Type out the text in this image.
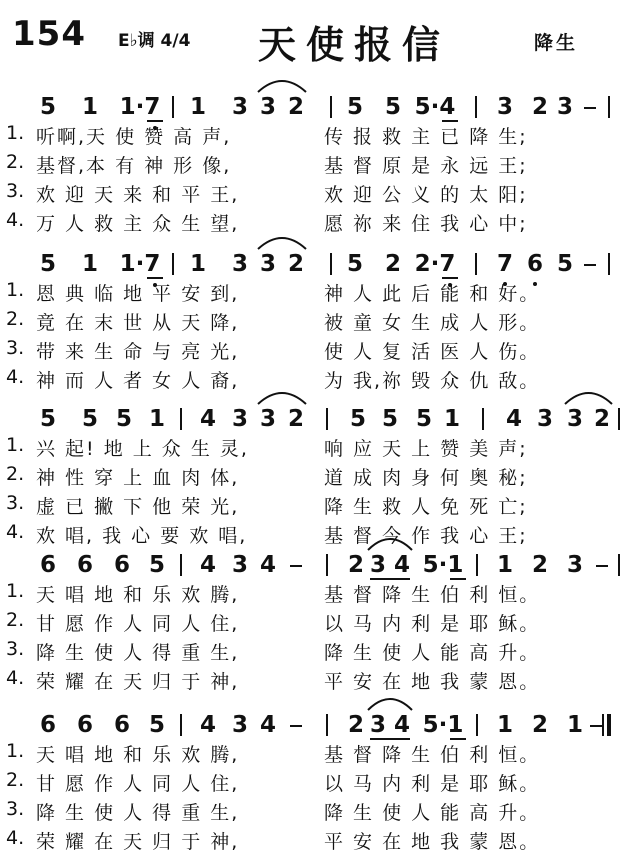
154 E♭调 4/4 天使报信	降生
5 1 1·7 1 3 3 2 5 5 5·4 3 2 3
1. 听啊,天 使 赞 高 声,	传 报 救 主 已 降 生;
2. 基督,本 有 神 形 像,	基 督 原 是 永 远 王;
3. 欢 迎 天 来 和 平 王,	欢 迎 公 义 的 太 阳;
4. 万 人 救 主 众 生 望,	愿 祢 来 住 我 心 中;
5 1 1·7 1 3 3 2 5 2 2·7 7 6 5
1. 恩 典 临 地 平 安 到,	神 人 此 后 能 和 好。
2. 竟 在 末 世 从 天 降,	被 童 女 生 成 人 形。
3. 带 来 生 命 与 亮 光,	使 人 复 活 医 人 伤。
4. 神 而 人 者 女 人 裔,	为 我,祢 毁 众 仇 敌。
5 5 5 1 4 3 3 2 5 5 5 1 4 3 3 2
1. 兴 起! 地 上 众 生 灵,	响 应 天 上 赞 美 声;
2. 神 性 穿 上 血 肉 体,	道 成 肉 身 何 奥 秘;
3. 虚 已 撇 下 他 荣 光,	降 生 救 人 免 死 亡;
4. 欢 唱, 我 心 要 欢 唱,	基 督 今 作 我 心 王;
6 6 6 5 4 3 4	2 3 4 5·1 1 2 3
1. 天 唱 地 和 乐 欢 腾,	基 督 降 生 伯 利 恒。
2. 甘 愿 作 人 同 人 住,	以 马 内 利 是 耶 稣。
3. 降 生 使 人 得 重 生,	降 生 使 人 能 高 升。
4. 荣 耀 在 天 归 于 神,	平 安 在 地 我 蒙 恩。
6 6 6 5 4 3 4	2 3 4 5·1 1 2 1
1. 天 唱 地 和 乐 欢 腾,	基 督 降 生 伯 利 恒。
2. 甘 愿 作 人 同 人 住,	以 马 内 利 是 耶 稣。
3. 降 生 使 人 得 重 生,	降 生 使 人 能 高 升。
4. 荣 耀 在 天 归 于 神,	平 安 在 地 我 蒙 恩。
